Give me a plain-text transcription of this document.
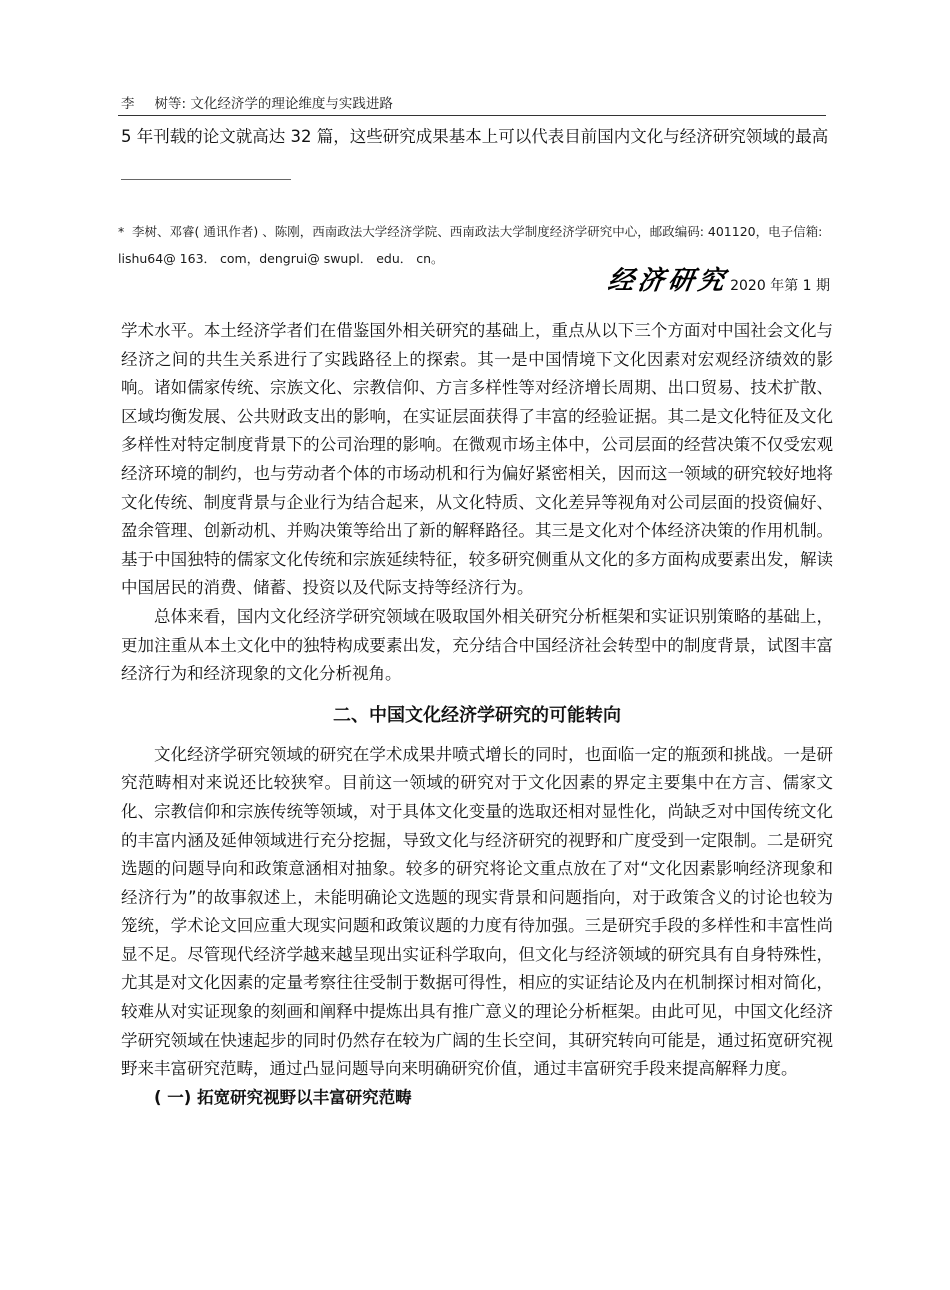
李 树等: 文化经济学的理论维度与实践进路
5 年刊载的论文就高达 32 篇，这些研究成果基本上可以代表目前国内文化与经济研究领域的最高
* 李树、邓睿( 通讯作者) 、陈刚，西南政法大学经济学院、西南政法大学制度经济学研究中心，邮政编码: 401120，电子信箱: lishu64@ 163． com，dengrui@ swupl． edu． cn。
经济研究 2020 年第 1 期

学术水平。本土经济学者们在借鉴国外相关研究的基础上，重点从以下三个方面对中国社会文化与经济之间的共生关系进行了实践路径上的探索。其一是中国情境下文化因素对宏观经济绩效的影响。诸如儒家传统、宗族文化、宗教信仰、方言多样性等对经济增长周期、出口贸易、技术扩散、区域均衡发展、公共财政支出的影响，在实证层面获得了丰富的经验证据。其二是文化特征及文化多样性对特定制度背景下的公司治理的影响。在微观市场主体中，公司层面的经营决策不仅受宏观经济环境的制约，也与劳动者个体的市场动机和行为偏好紧密相关，因而这一领域的研究较好地将文化传统、制度背景与企业行为结合起来，从文化特质、文化差异等视角对公司层面的投资偏好、盈余管理、创新动机、并购决策等给出了新的解释路径。其三是文化对个体经济决策的作用机制。基于中国独特的儒家文化传统和宗族延续特征，较多研究侧重从文化的多方面构成要素出发，解读中国居民的消费、储蓄、投资以及代际支持等经济行为。

总体来看，国内文化经济学研究领域在吸取国外相关研究分析框架和实证识别策略的基础上，更加注重从本土文化中的独特构成要素出发，充分结合中国经济社会转型中的制度背景，试图丰富经济行为和经济现象的文化分析视角。

二、中国文化经济学研究的可能转向

文化经济学研究领域的研究在学术成果井喷式增长的同时，也面临一定的瓶颈和挑战。一是研究范畴相对来说还比较狭窄。目前这一领域的研究对于文化因素的界定主要集中在方言、儒家文化、宗教信仰和宗族传统等领域，对于具体文化变量的选取还相对显性化，尚缺乏对中国传统文化的丰富内涵及延伸领域进行充分挖掘，导致文化与经济研究的视野和广度受到一定限制。二是研究选题的问题导向和政策意涵相对抽象。较多的研究将论文重点放在了对“文化因素影响经济现象和经济行为”的故事叙述上，未能明确论文选题的现实背景和问题指向，对于政策含义的讨论也较为笼统，学术论文回应重大现实问题和政策议题的力度有待加强。三是研究手段的多样性和丰富性尚显不足。尽管现代经济学越来越呈现出实证科学取向，但文化与经济领域的研究具有自身特殊性，尤其是对文化因素的定量考察往往受制于数据可得性，相应的实证结论及内在机制探讨相对简化，较难从对实证现象的刻画和阐释中提炼出具有推广意义的理论分析框架。由此可见，中国文化经济学研究领域在快速起步的同时仍然存在较为广阔的生长空间，其研究转向可能是，通过拓宽研究视野来丰富研究范畴，通过凸显问题导向来明确研究价值，通过丰富研究手段来提高解释力度。

( 一) 拓宽研究视野以丰富研究范畴
